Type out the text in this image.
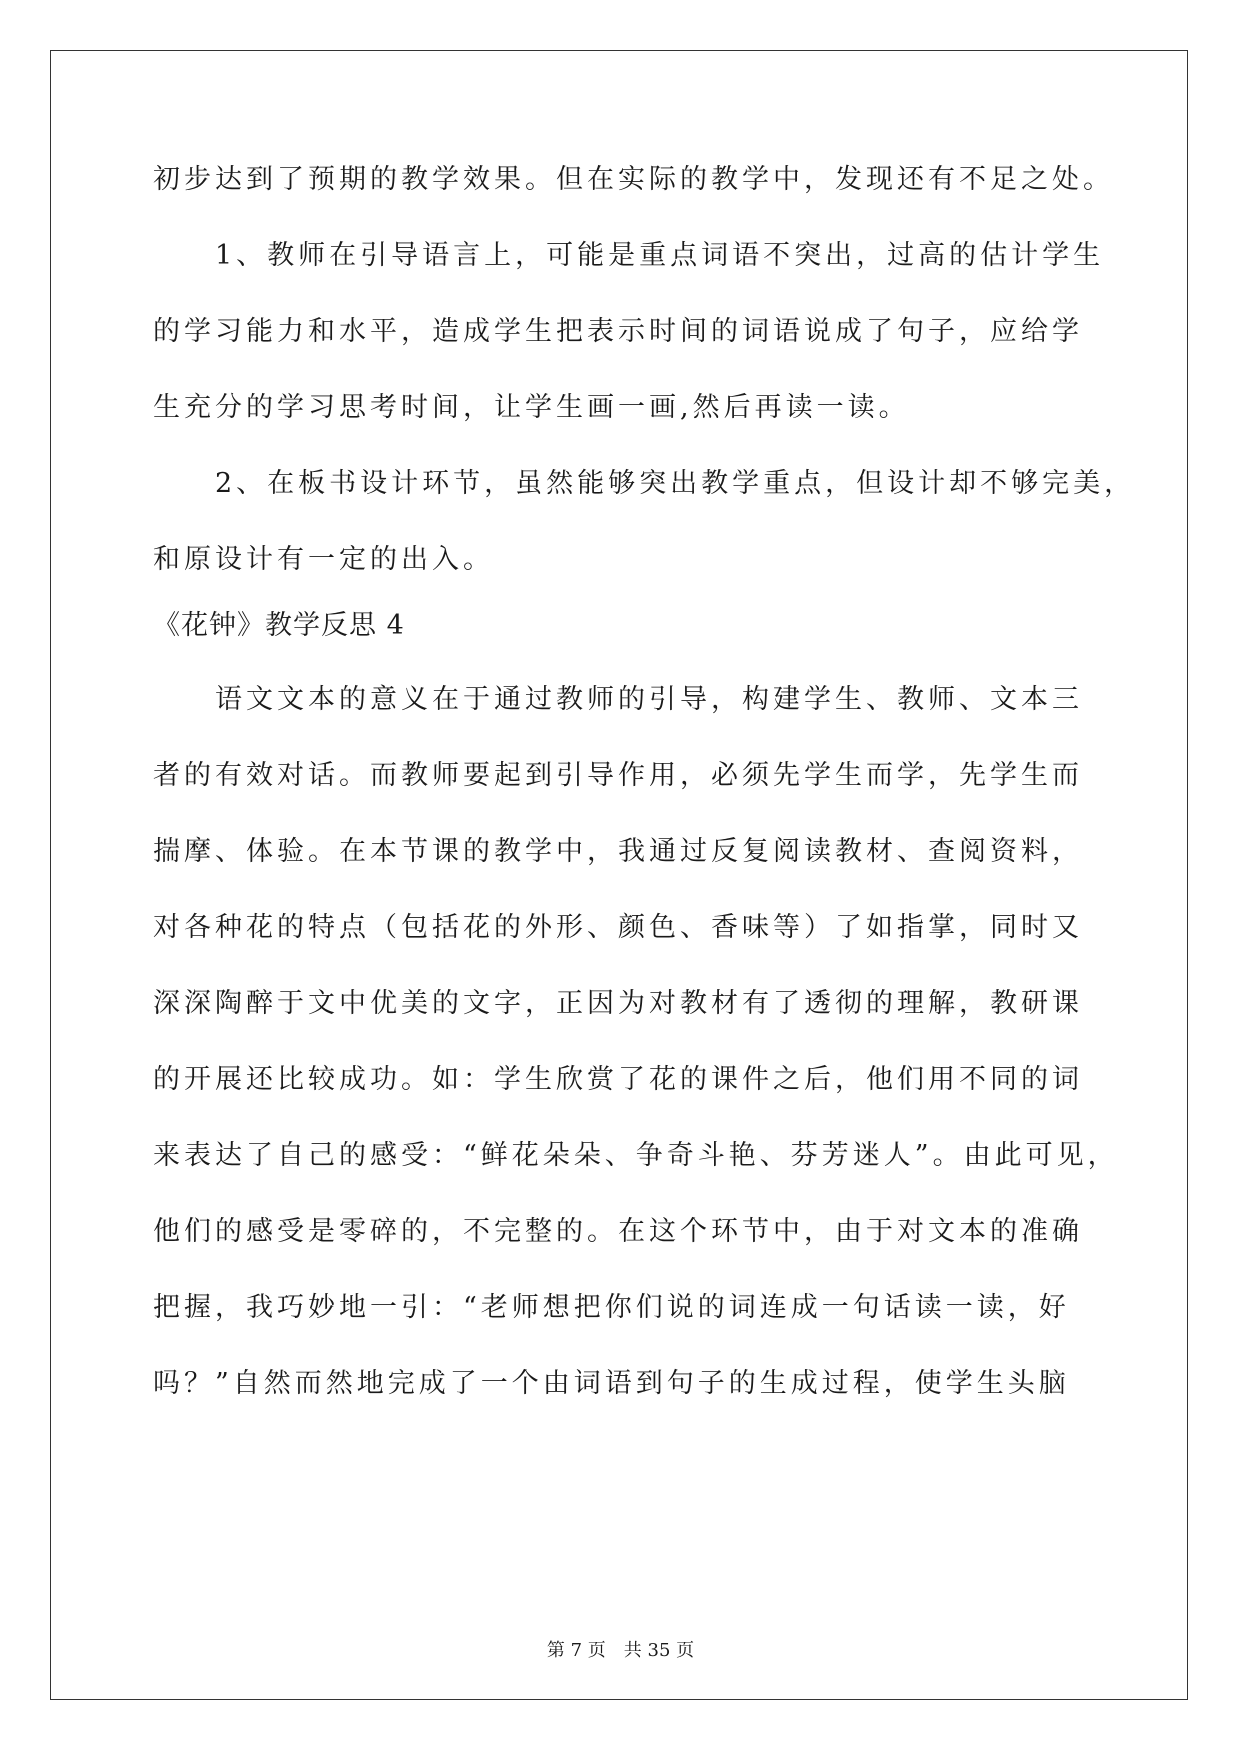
初步达到了预期的教学效果。但在实际的教学中，发现还有不足之处。
1、教师在引导语言上，可能是重点词语不突出，过高的估计学生
的学习能力和水平，造成学生把表示时间的词语说成了句子，应给学
生充分的学习思考时间，让学生画一画,然后再读一读。
2、在板书设计环节，虽然能够突出教学重点，但设计却不够完美，
和原设计有一定的出入。
《花钟》教学反思 4
语文文本的意义在于通过教师的引导，构建学生、教师、文本三
者的有效对话。而教师要起到引导作用，必须先学生而学，先学生而
揣摩、体验。在本节课的教学中，我通过反复阅读教材、查阅资料，
对各种花的特点（包括花的外形、颜色、香味等）了如指掌，同时又
深深陶醉于文中优美的文字，正因为对教材有了透彻的理解，教研课
的开展还比较成功。如：学生欣赏了花的课件之后，他们用不同的词
来表达了自己的感受：“鲜花朵朵、争奇斗艳、芬芳迷人”。由此可见，
他们的感受是零碎的，不完整的。在这个环节中，由于对文本的准确
把握，我巧妙地一引：“老师想把你们说的词连成一句话读一读，好
吗？”自然而然地完成了一个由词语到句子的生成过程，使学生头脑
第 7 页 共 35 页
